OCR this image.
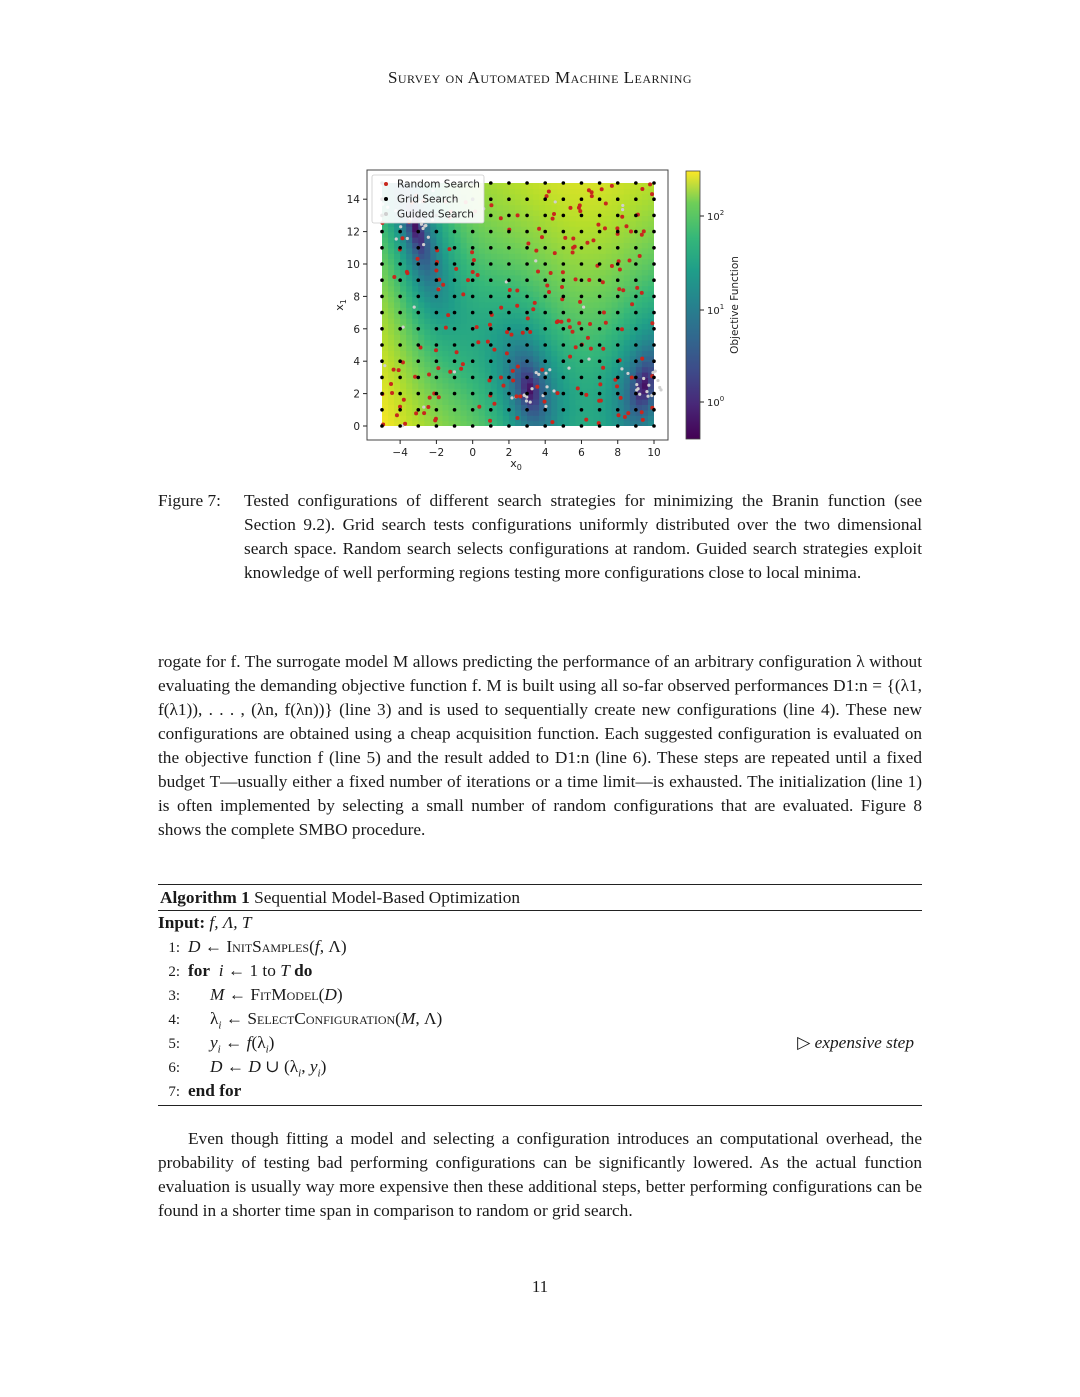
Survey on Automated Machine Learning
Random Search
Grid Search
Guided Search
−4 −2 0	2	4	6	8 10
0
2
4
6
8
10
12
14
$x_0$
$x_1$
$10^2$
$10^1$
$10^0$
Objective Function
Figure 7: Tested configurations of different search strategies for minimizing the Branin function (see Section 9.2). Grid search tests configurations uniformly distributed over the two dimensional search space. Random search selects configurations at random. Guided search strategies exploit knowledge of well performing regions testing more configurations close to local minima.
rogate for f. The surrogate model M allows predicting the performance of an arbitrary configuration λ without evaluating the demanding objective function f. M is built using all so-far observed performances D1:n = {(λ1, f(λ1)), . . . , (λn, f(λn))} (line 3) and is used to sequentially create new configurations (line 4). These new configurations are obtained using a cheap acquisition function. Each suggested configuration is evaluated on the objective function f (line 5) and the result added to D1:n (line 6). These steps are repeated until a fixed budget T—usually either a fixed number of iterations or a time limit—is exhausted. The initialization (line 1) is often implemented by selecting a small number of random configurations that are evaluated. Figure 8 shows the complete SMBO procedure.
Algorithm 1 Sequential Model-Based Optimization
Input: f, Λ, T
1: D ← InitSamples(f, Λ)
2: for i ← 1 to T do
3: M ← FitModel(D)
4: $\lambda_i$ ← SelectConfiguration(M, Λ)
5: $y_i$ ← $f(\lambda_i)$	▷ expensive step
6: D ← D ∪ ($\lambda_i$, $y_i$)
7: end for
Even though fitting a model and selecting a configuration introduces an computational overhead, the probability of testing bad performing configurations can be significantly lowered. As the actual function evaluation is usually way more expensive then these additional steps, better performing configurations can be found in a shorter time span in comparison to random or grid search.
11
